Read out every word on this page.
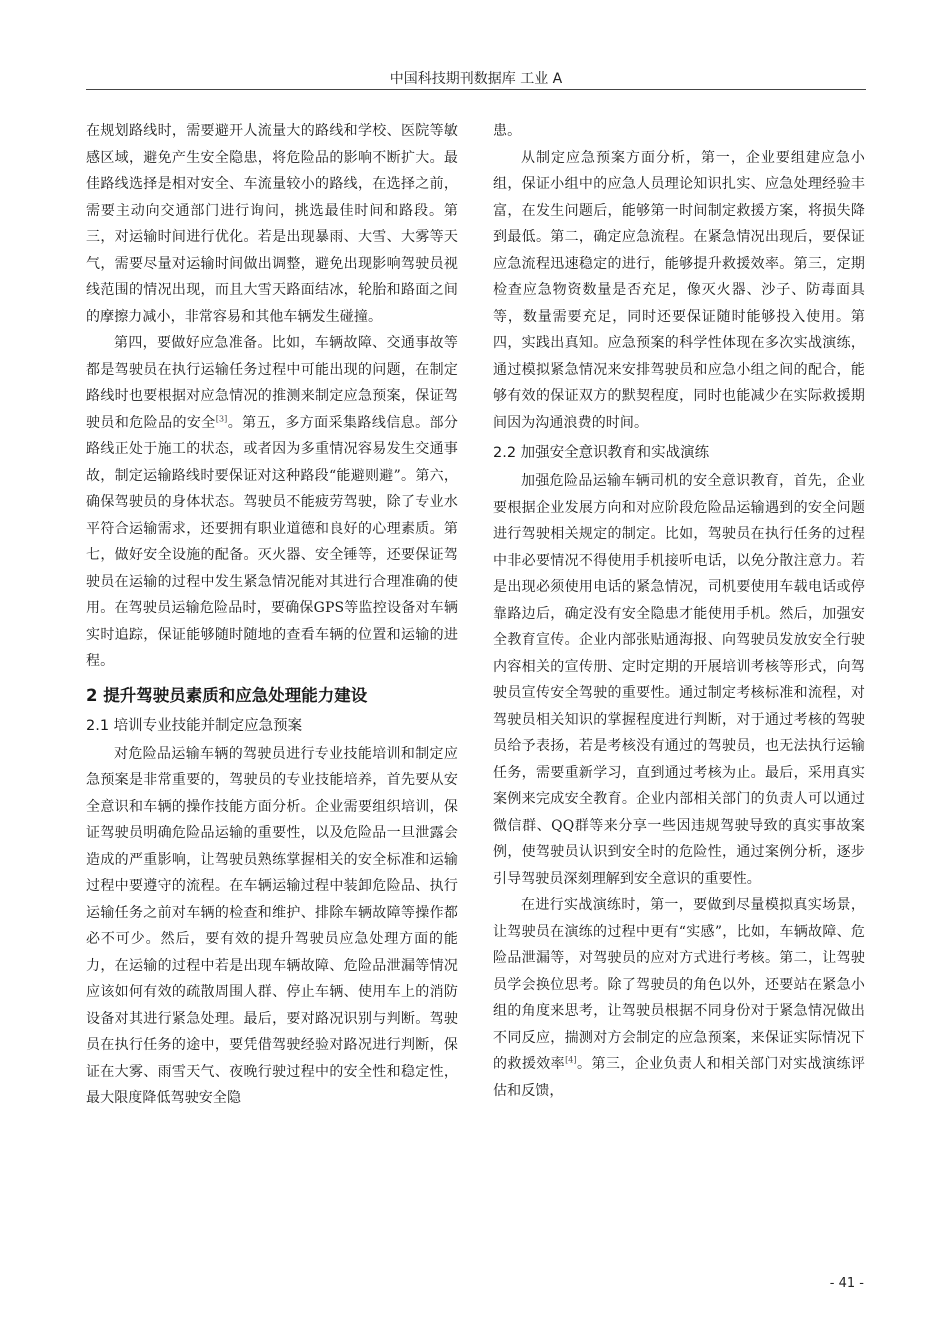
中国科技期刊数据库 工业 A

在规划路线时，需要避开人流量大的路线和学校、医院等敏感区域，避免产生安全隐患，将危险品的影响不断扩大。最佳路线选择是相对安全、车流量较小的路线，在选择之前，需要主动向交通部门进行询问，挑选最佳时间和路段。第三，对运输时间进行优化。若是出现暴雨、大雪、大雾等天气，需要尽量对运输时间做出调整，避免出现影响驾驶员视线范围的情况出现，而且大雪天路面结冰，轮胎和路面之间的摩擦力减小，非常容易和其他车辆发生碰撞。

第四，要做好应急准备。比如，车辆故障、交通事故等都是驾驶员在执行运输任务过程中可能出现的问题，在制定路线时也要根据对应急情况的推测来制定应急预案，保证驾驶员和危险品的安全[3]。第五，多方面采集路线信息。部分路线正处于施工的状态，或者因为多重情况容易发生交通事故，制定运输路线时要保证对这种路段“能避则避”。第六，确保驾驶员的身体状态。驾驶员不能疲劳驾驶，除了专业水平符合运输需求，还要拥有职业道德和良好的心理素质。第七，做好安全设施的配备。灭火器、安全锤等，还要保证驾驶员在运输的过程中发生紧急情况能对其进行合理准确的使用。在驾驶员运输危险品时，要确保GPS等监控设备对车辆实时追踪，保证能够随时随地的查看车辆的位置和运输的进程。

2 提升驾驶员素质和应急处理能力建设
2.1 培训专业技能并制定应急预案

对危险品运输车辆的驾驶员进行专业技能培训和制定应急预案是非常重要的，驾驶员的专业技能培养，首先要从安全意识和车辆的操作技能方面分析。企业需要组织培训，保证驾驶员明确危险品运输的重要性，以及危险品一旦泄露会造成的严重影响，让驾驶员熟练掌握相关的安全标准和运输过程中要遵守的流程。在车辆运输过程中装卸危险品、执行运输任务之前对车辆的检查和维护、排除车辆故障等操作都必不可少。然后，要有效的提升驾驶员应急处理方面的能力，在运输的过程中若是出现车辆故障、危险品泄漏等情况应该如何有效的疏散周围人群、停止车辆、使用车上的消防设备对其进行紧急处理。最后，要对路况识别与判断。驾驶员在执行任务的途中，要凭借驾驶经验对路况进行判断，保证在大雾、雨雪天气、夜晚行驶过程中的安全性和稳定性，最大限度降低驾驶安全隐

患。

从制定应急预案方面分析，第一，企业要组建应急小组，保证小组中的应急人员理论知识扎实、应急处理经验丰富，在发生问题后，能够第一时间制定救援方案，将损失降到最低。第二，确定应急流程。在紧急情况出现后，要保证应急流程迅速稳定的进行，能够提升救援效率。第三，定期检查应急物资数量是否充足，像灭火器、沙子、防毒面具等，数量需要充足，同时还要保证随时能够投入使用。第四，实践出真知。应急预案的科学性体现在多次实战演练，通过模拟紧急情况来安排驾驶员和应急小组之间的配合，能够有效的保证双方的默契程度，同时也能减少在实际救援期间因为沟通浪费的时间。

2.2 加强安全意识教育和实战演练

加强危险品运输车辆司机的安全意识教育，首先，企业要根据企业发展方向和对应阶段危险品运输遇到的安全问题进行驾驶相关规定的制定。比如，驾驶员在执行任务的过程中非必要情况不得使用手机接听电话，以免分散注意力。若是出现必须使用电话的紧急情况，司机要使用车载电话或停靠路边后，确定没有安全隐患才能使用手机。然后，加强安全教育宣传。企业内部张贴通海报、向驾驶员发放安全行驶内容相关的宣传册、定时定期的开展培训考核等形式，向驾驶员宣传安全驾驶的重要性。通过制定考核标准和流程，对驾驶员相关知识的掌握程度进行判断，对于通过考核的驾驶员给予表扬，若是考核没有通过的驾驶员，也无法执行运输任务，需要重新学习，直到通过考核为止。最后，采用真实案例来完成安全教育。企业内部相关部门的负责人可以通过微信群、QQ群等来分享一些因违规驾驶导致的真实事故案例，使驾驶员认识到安全时的危险性，通过案例分析，逐步引导驾驶员深刻理解到安全意识的重要性。

在进行实战演练时，第一，要做到尽量模拟真实场景，让驾驶员在演练的过程中更有“实感”，比如，车辆故障、危险品泄漏等，对驾驶员的应对方式进行考核。第二，让驾驶员学会换位思考。除了驾驶员的角色以外，还要站在紧急小组的角度来思考，让驾驶员根据不同身份对于紧急情况做出不同反应，揣测对方会制定的应急预案，来保证实际情况下的救援效率[4]。第三，企业负责人和相关部门对实战演练评估和反馈，

- 41 -
